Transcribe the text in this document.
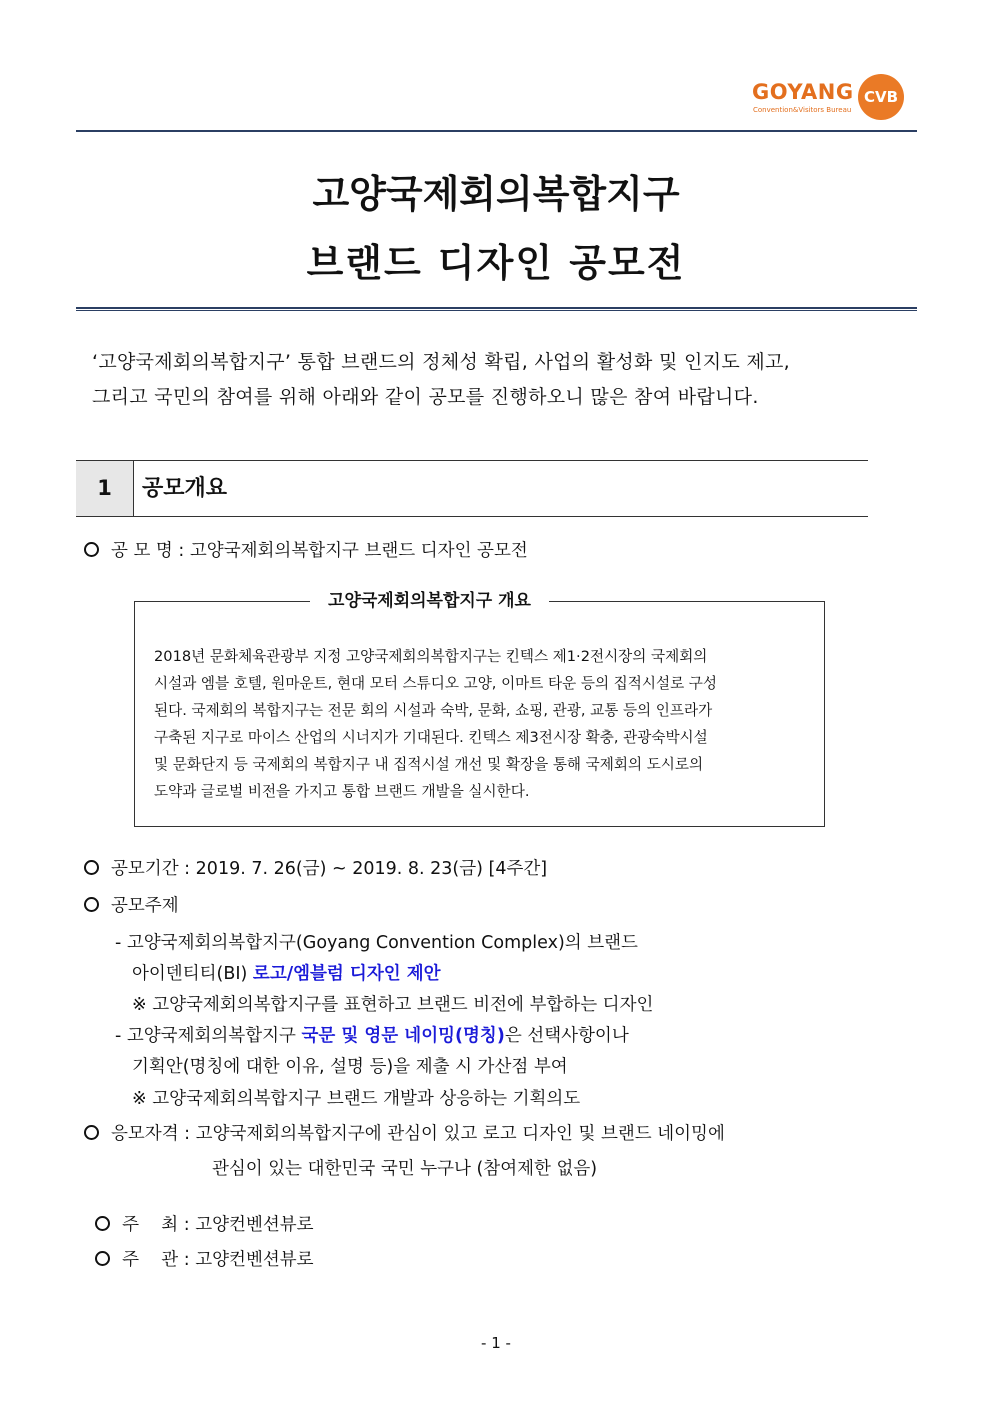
GOYANG
Convention&Visitors Bureau
CVB
고양국제회의복합지구
브랜드 디자인 공모전
‘고양국제회의복합지구’ 통합 브랜드의 정체성 확립, 사업의 활성화 및 인지도 제고,
그리고 국민의 참여를 위해 아래와 같이 공모를 진행하오니 많은 참여 바랍니다.
1	공모개요
공 모 명 : 고양국제회의복합지구 브랜드 디자인 공모전
고양국제회의복합지구 개요
2018년 문화체육관광부 지정 고양국제회의복합지구는 킨텍스 제1·2전시장의 국제회의
시설과 엠블 호텔, 원마운트, 현대 모터 스튜디오 고양, 이마트 타운 등의 집적시설로 구성
된다. 국제회의 복합지구는 전문 회의 시설과 숙박, 문화, 쇼핑, 관광, 교통 등의 인프라가
구축된 지구로 마이스 산업의 시너지가 기대된다. 킨텍스 제3전시장 확충, 관광숙박시설
및 문화단지 등 국제회의 복합지구 내 집적시설 개선 및 확장을 통해 국제회의 도시로의
도약과 글로벌 비전을 가지고 통합 브랜드 개발을 실시한다.
공모기간 : 2019. 7. 26(금) ~ 2019. 8. 23(금) [4주간]
공모주제
- 고양국제회의복합지구(Goyang Convention Complex)의 브랜드
아이덴티티(BI) 로고/엠블럼 디자인 제안
※ 고양국제회의복합지구를 표현하고 브랜드 비전에 부합하는 디자인
- 고양국제회의복합지구 국문 및 영문 네이밍(명칭)은 선택사항이나
기획안(명칭에 대한 이유, 설명 등)을 제출 시 가산점 부여
※ 고양국제회의복합지구 브랜드 개발과 상응하는 기획의도
응모자격 : 고양국제회의복합지구에 관심이 있고 로고 디자인 및 브랜드 네이밍에
관심이 있는 대한민국 국민 누구나 (참여제한 없음)

주    최 : 고양컨벤션뷰로

주    관 : 고양컨벤션뷰로

- 1 -
